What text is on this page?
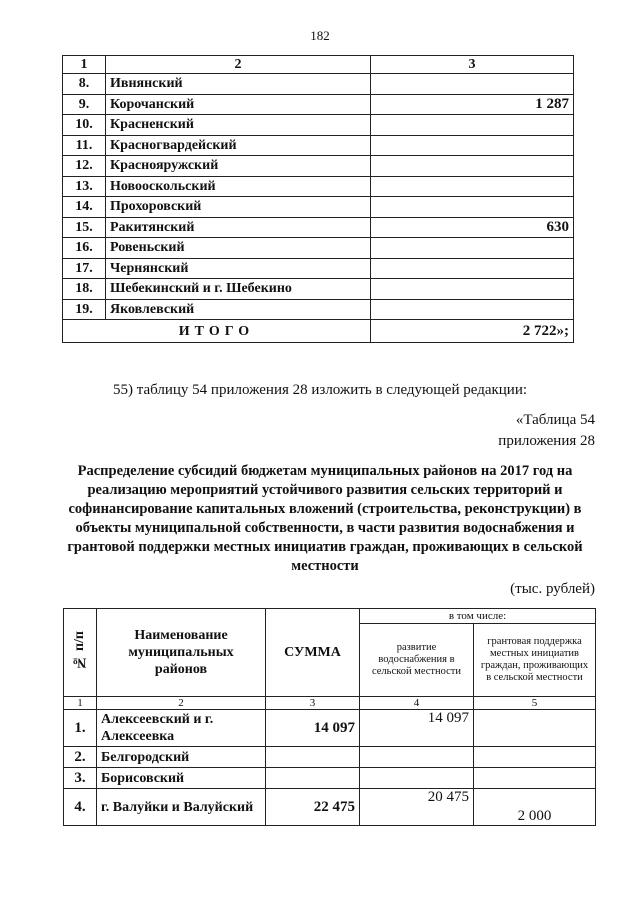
182
1	2	3
8.	Ивнянский	
9.	Корочанский	1 287
10.	Красненский	
11.	Красногвардейский	
12.	Краснояружский	
13.	Новооскольский	
14.	Прохоровский	
15.	Ракитянский	630
16.	Ровеньский	
17.	Чернянский	
18.	Шебекинский и г. Шебекино	
19.	Яковлевский	
ИТОГО		2 722»;
55) таблицу 54 приложения 28 изложить в следующей редакции:
«Таблица 54
приложения 28
Распределение субсидий бюджетам муниципальных районов на 2017 год на реализацию мероприятий устойчивого развития сельских территорий и софинансирование капитальных вложений (строительства, реконструкции) в объекты муниципальной собственности, в части развития водоснабжения и грантовой поддержки местных инициатив граждан, проживающих в сельской местности
(тыс. рублей)
№ п/п	Наименование муниципальных районов	СУММА	в том числе:	
			развитие водоснабжения в сельской местности	грантовая поддержка местных инициатив граждан, проживающих в сельской местности
1	2	3	4	5
1.	Алексеевский и г. Алексеевка	14 097	14 097	
2.	Белгородский			
3.	Борисовский			
4.	г. Валуйки и Валуйский	22 475	20 475	2 000
